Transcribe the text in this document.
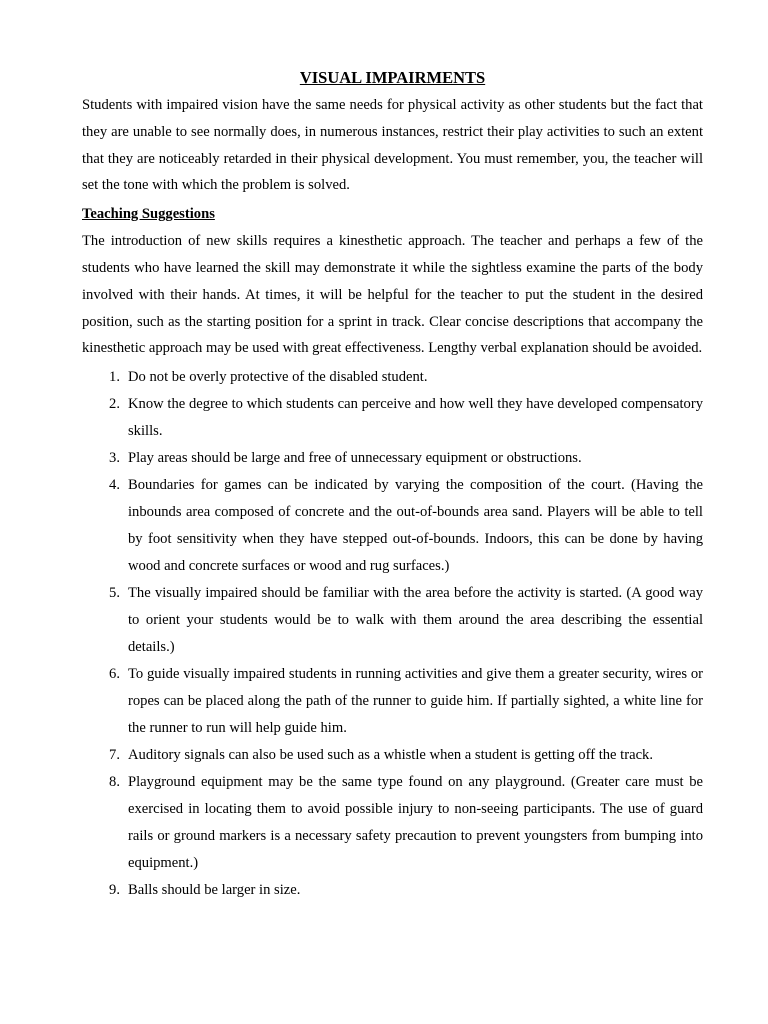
VISUAL IMPAIRMENTS

Students with impaired vision have the same needs for physical activity as other students but the fact that they are unable to see normally does, in numerous instances, restrict their play activities to such an extent that they are noticeably retarded in their physical development. You must remember, you, the teacher will set the tone with which the problem is solved.

Teaching Suggestions

The introduction of new skills requires a kinesthetic approach. The teacher and perhaps a few of the students who have learned the skill may demonstrate it while the sightless examine the parts of the body involved with their hands. At times, it will be helpful for the teacher to put the student in the desired position, such as the starting position for a sprint in track. Clear concise descriptions that accompany the kinesthetic approach may be used with great effectiveness. Lengthy verbal explanation should be avoided.

1. Do not be overly protective of the disabled student.
2. Know the degree to which students can perceive and how well they have developed compensatory skills.
3. Play areas should be large and free of unnecessary equipment or obstructions.
4. Boundaries for games can be indicated by varying the composition of the court. (Having the inbounds area composed of concrete and the out-of-bounds area sand. Players will be able to tell by foot sensitivity when they have stepped out-of-bounds. Indoors, this can be done by having wood and concrete surfaces or wood and rug surfaces.)
5. The visually impaired should be familiar with the area before the activity is started. (A good way to orient your students would be to walk with them around the area describing the essential details.)
6. To guide visually impaired students in running activities and give them a greater security, wires or ropes can be placed along the path of the runner to guide him. If partially sighted, a white line for the runner to run will help guide him.
7. Auditory signals can also be used such as a whistle when a student is getting off the track.
8. Playground equipment may be the same type found on any playground. (Greater care must be exercised in locating them to avoid possible injury to non-seeing participants. The use of guard rails or ground markers is a necessary safety precaution to prevent youngsters from bumping into equipment.)
9. Balls should be larger in size.
